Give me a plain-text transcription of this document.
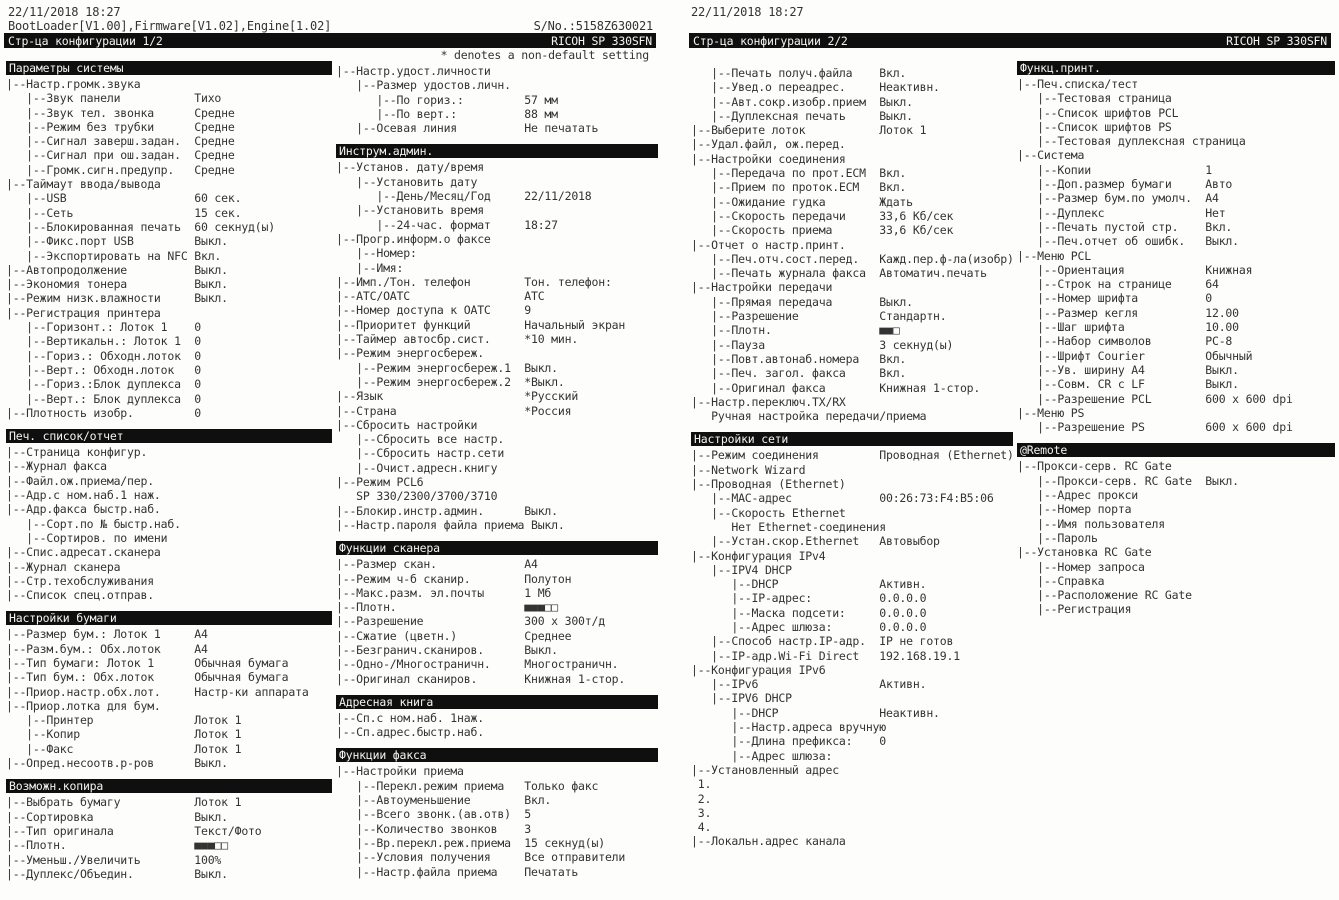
22/11/2018 18:27
BootLoader[V1.00],Firmware[V1.02],Engine[1.02]	S/No.:5158Z630021
Стр-ца конфигурации 1/2	RICOH SP 330SFN
* denotes a non-default setting
Параметры системы
|--Настр.громк.звука
|--Звук панели           Тихо
|--Звук тел. звонка      Средне
|--Режим без трубки      Средне
|--Сигнал заверш.задан.  Средне
|--Сигнал при ош.задан.  Средне
|--Громк.сигн.предупр.   Средне
|--Таймаут ввода/вывода
|--USB                   60 сек.
|--Сеть                  15 сек.
|--Блокированная печать  60 секнуд(ы)
|--Фикс.порт USB         Выкл.
|--Экспортировать на NFC Вкл.
|--Автопродолжение          Выкл.
|--Экономия тонера          Выкл.
|--Режим низк.влажности     Выкл.
|--Регистрация принтера
|--Горизонт.: Лоток 1    0
|--Вертикальн.: Лоток 1  0
|--Гориз.: Обходн.лоток  0
|--Верт.: Обходн.лоток   0
|--Гориз.:Блок дуплекса  0
|--Верт.: Блок дуплекса  0
|--Плотность изобр.         0
Печ. список/отчет
|--Страница конфигур.
|--Журнал факса
|--Файл.ож.приема/пер.
|--Адр.с ном.наб.1 наж.
|--Адр.факса быстр.наб.
|--Сорт.по № быстр.наб.
|--Сортиров. по имени
|--Спис.адресат.сканера
|--Журнал сканера
|--Стр.техобслуживания
|--Список спец.отправ.
Настройки бумаги
|--Размер бум.: Лоток 1     A4
|--Разм.бум.: Обх.лоток     A4
|--Тип бумаги: Лоток 1      Обычная бумага
|--Тип бум.: Обх.лоток      Обычная бумага
|--Приор.настр.обх.лот.     Настр-ки аппарата
|--Приор.лотка для бум.
|--Принтер               Лоток 1
|--Копир                 Лоток 1
|--Факс                  Лоток 1
|--Опред.несоотв.р-ров      Выкл.
Возможн.копира
|--Выбрать бумагу           Лоток 1
|--Сортировка               Выкл.
|--Тип оригинала            Текст/Фото
|--Плотн.                   ■■■□□
|--Уменьш./Увеличить        100%
|--Дуплекс/Объедин.         Выкл.
|--Настр.удост.личности
|--Размер удостов.личн.
|--По гориз.:         57 мм
|--По верт.:          88 мм
|--Осевая линия          Не печатать
Инструм.админ.
|--Установ. дату/время
|--Установить дату
|--День/Месяц/Год     22/11/2018
|--Установить время
|--24-час. формат     18:27
|--Прогр.информ.о факсе
|--Номер:
|--Имя:
|--Имп./Тон. телефон        Тон. телефон:
|--АТС/ОАТС                 АТС
|--Номер доступа к ОАТС     9
|--Приоритет функций        Начальный экран
|--Таймер автосбр.сист.     *10 мин.
|--Режим энергосбереж.
|--Режим энергосбереж.1  Выкл.
|--Режим энергосбереж.2  *Выкл.
|--Язык                     *Русский
|--Страна                   *Россия
|--Сбросить настройки
|--Сбросить все настр.
|--Сбросить настр.сети
|--Очист.адресн.книгу
|--Режим PCL6
SP 330/2300/3700/3710
|--Блокир.инстр.админ.      Выкл.
|--Настр.пароля файла приема Выкл.
Функции сканера
|--Размер скан.             A4
|--Режим ч-б сканир.        Полутон
|--Макс.разм. эл.почты      1 Мб
|--Плотн.                   ■■■□□
|--Разрешение               300 x 300т/д
|--Сжатие (цветн.)          Среднее
|--Безгранич.сканиров.      Выкл.
|--Одно-/Многостраничн.     Многостраничн.
|--Оригинал сканиров.       Книжная 1-стор.
Адресная книга
|--Сп.с ном.наб. 1наж.
|--Сп.адрес.быстр.наб.
Функции факса
|--Настройки приема
|--Перекл.режим приема   Только факс
|--Автоуменьшение        Вкл.
|--Всего звонк.(ав.отв)  5
|--Количество звонков    3
|--Вр.перекл.реж.приема  15 секнуд(ы)
|--Условия получения     Все отправители
|--Настр.файла приема    Печатать
22/11/2018 18:27
Стр-ца конфигурации 2/2	RICOH SP 330SFN
|--Печать получ.файла    Вкл.
|--Увед.о переадрес.     Неактивн.
|--Авт.сокр.изобр.прием  Выкл.
|--Дуплексная печать     Выкл.
|--Выберите лоток           Лоток 1
|--Удал.файл, ож.перед.
|--Настройки соединения
|--Передача по прот.ECM  Вкл.
|--Прием по проток.ECM   Вкл.
|--Ожидание гудка        Ждать
|--Скорость передачи     33,6 Кб/сек
|--Скорость приема       33,6 Кб/сек
|--Отчет о настр.принт.
|--Печ.отч.сост.перед.   Кажд.пер.ф-ла(изобр)
|--Печать журнала факса  Автоматич.печать
|--Настройки передачи
|--Прямая передача       Выкл.
|--Разрешение            Стандартн.
|--Плотн.                ■■□
|--Пауза                 3 секнуд(ы)
|--Повт.автонаб.номера   Вкл.
|--Печ. загол. факса     Вкл.
|--Оригинал факса        Книжная 1-стор.
|--Настр.переключ.TX/RX
Ручная настройка передачи/приема
Настройки сети
|--Режим соединения         Проводная (Ethernet)
|--Network Wizard
|--Проводная (Ethernet)
|--MAC-адрес             00:26:73:F4:B5:06
|--Скорость Ethernet
Нет Ethernet-соединения
|--Устан.скор.Ethernet   Автовыбор
|--Конфигурация IPv4
|--IPV4 DHCP
|--DHCP               Активн.
|--IP-адрес:          0.0.0.0
|--Маска подсети:     0.0.0.0
|--Адрес шлюза:       0.0.0.0
|--Способ настр.IP-адр.  IP не готов
|--IP-адр.Wi-Fi Direct   192.168.19.1
|--Конфигурация IPv6
|--IPv6                  Активн.
|--IPV6 DHCP
|--DHCP               Неактивн.
|--Настр.адреса вручную
|--Длина префикса:    0
|--Адрес шлюза:
|--Установленный адрес
1.
2.
3.
4.
|--Локальн.адрес канала
Функц.принт.
|--Печ.списка/тест
|--Тестовая страница
|--Список шрифтов PCL
|--Список шрифтов PS
|--Тестовая дуплексная страница
|--Система
|--Копии                 1
|--Доп.размер бумаги     Авто
|--Размер бум.по умолч.  A4
|--Дуплекс               Нет
|--Печать пустой стр.    Вкл.
|--Печ.отчет об ошибк.   Выкл.
|--Меню PCL
|--Ориентация            Книжная
|--Строк на странице     64
|--Номер шрифта          0
|--Размер кегля          12.00
|--Шаг шрифта            10.00
|--Набор символов        PC-8
|--Шрифт Courier         Обычный
|--Ув. ширину A4         Выкл.
|--Совм. CR с LF         Выкл.
|--Разрешение PCL        600 x 600 dpi
|--Меню PS
|--Разрешение PS         600 x 600 dpi
@Remote
|--Прокси-серв. RC Gate
|--Прокси-серв. RC Gate  Выкл.
|--Адрес прокси
|--Номер порта
|--Имя пользователя
|--Пароль
|--Установка RC Gate
|--Номер запроса
|--Справка
|--Расположение RC Gate
|--Регистрация
